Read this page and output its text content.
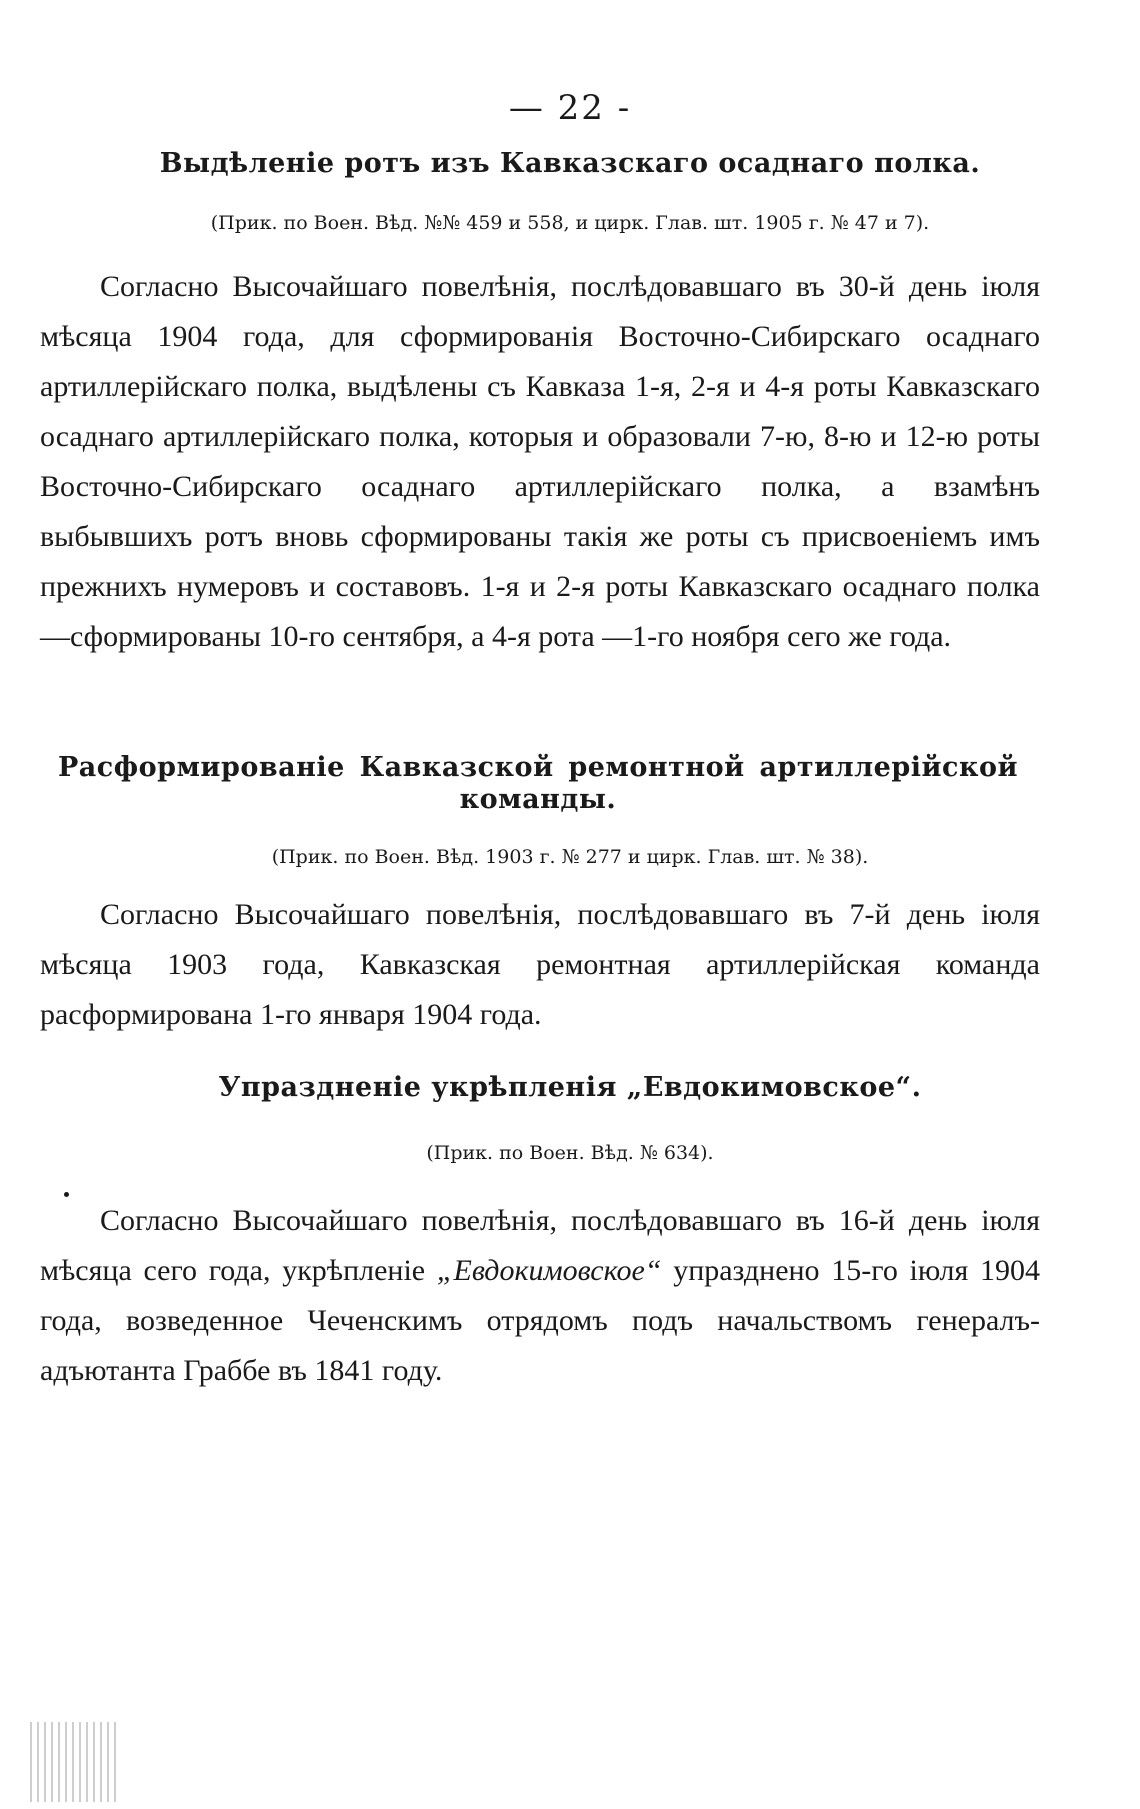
— 22 -
Выдѣленіе ротъ изъ Кавказскаго осаднаго полка.
(Прик. по Воен. Вѣд. №№ 459 и 558, и цирк. Глав. шт. 1905 г. № 47 и 7).
Согласно Высочайшаго повелѣнія, послѣдовавшаго въ 30-й день іюля мѣсяца 1904 года, для сформированія Восточно-Сибирскаго осаднаго артиллерійскаго полка, выдѣлены съ Кавказа 1-я, 2-я и 4-я роты Кавказскаго осаднаго артиллерійскаго полка, которыя и образовали 7-ю, 8-ю и 12-ю роты Восточно-Сибирскаго осаднаго артиллерійскаго полка, а взамѣнъ выбывшихъ ротъ вновь сформированы такія же роты съ присвоеніемъ имъ прежнихъ нумеровъ и составовъ. 1-я и 2-я роты Кавказскаго осаднаго полка —сформированы 10-го сентября, а 4-я рота —1-го ноября сего же года.
Расформированіе Кавказской ремонтной артиллерійской команды.
(Прик. по Воен. Вѣд. 1903 г. № 277 и цирк. Глав. шт. № 38).
Согласно Высочайшаго повелѣнія, послѣдовавшаго въ 7-й день іюля мѣсяца 1903 года, Кавказская ремонтная артиллерійская команда расформирована 1-го января 1904 года.
Упраздненіе укрѣпленія „Евдокимовское“.
(Прик. по Воен. Вѣд. № 634).
Согласно Высочайшаго повелѣнія, послѣдовавшаго въ 16-й день іюля мѣсяца сего года, укрѣпленіе „Евдокимовское“ упразднено 15-го іюля 1904 года, возведенное Чеченскимъ отрядомъ подъ начальствомъ генералъ-адъютанта Граббе въ 1841 году.
